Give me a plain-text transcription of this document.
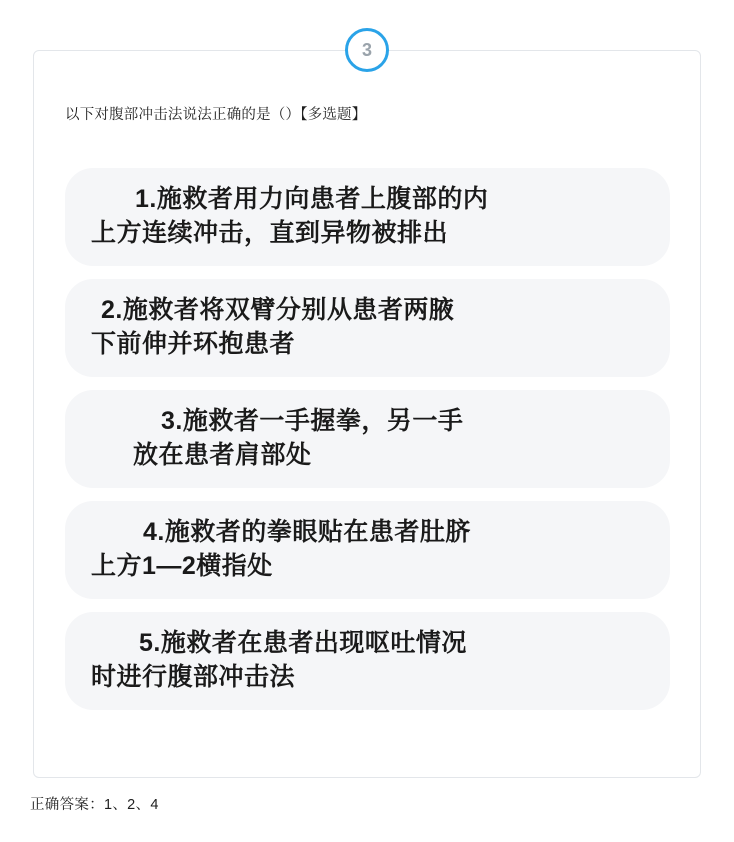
3
以下对腹部冲击法说法正确的是（）【多选题】
1.施救者用力向患者上腹部的内
上方连续冲击，直到异物被排出
2.施救者将双臂分别从患者两腋
下前伸并环抱患者
3.施救者一手握拳，另一手
放在患者肩部处
4.施救者的拳眼贴在患者肚脐
上方1—2横指处
5.施救者在患者出现呕吐情况
时进行腹部冲击法
正确答案：1、2、4
